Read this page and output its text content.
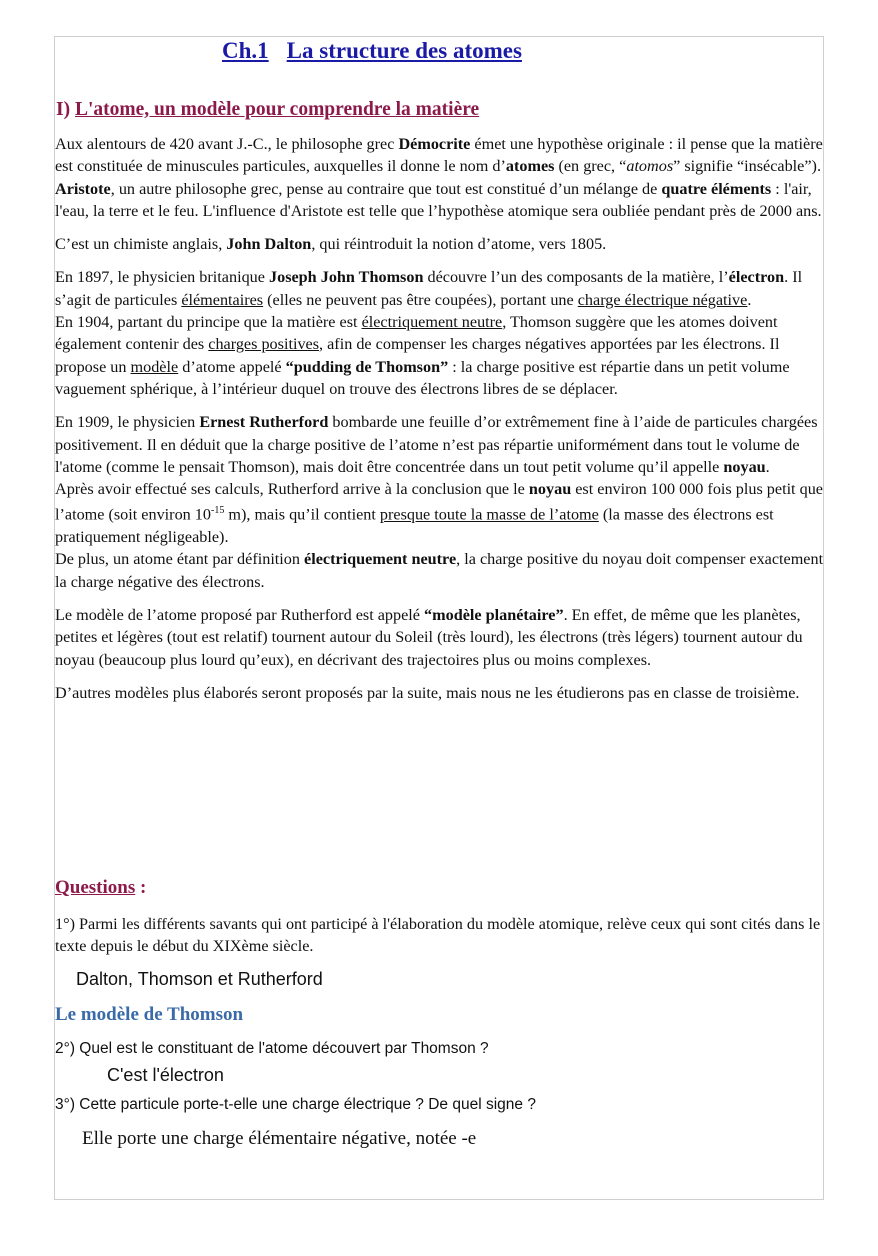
Ch.1 La structure des atomes
I) L'atome, un modèle pour comprendre la matière

Aux alentours de 420 avant J.-C., le philosophe grec Démocrite émet une hypothèse originale : il pense que la matière est constituée de minuscules particules, auxquelles il donne le nom d’atomes (en grec, “atomos” signifie “insécable”). Aristote, un autre philosophe grec, pense au contraire que tout est constitué d’un mélange de quatre éléments : l'air, l'eau, la terre et le feu. L'influence d'Aristote est telle que l’hypothèse atomique sera oubliée pendant près de 2000 ans.

C’est un chimiste anglais, John Dalton, qui réintroduit la notion d’atome, vers 1805.

En 1897, le physicien britanique Joseph John Thomson découvre l’un des composants de la matière, l’électron. Il s’agit de particules élémentaires (elles ne peuvent pas être coupées), portant une charge électrique négative.

En 1904, partant du principe que la matière est électriquement neutre, Thomson suggère que les atomes doivent également contenir des charges positives, afin de compenser les charges négatives apportées par les électrons. Il propose un modèle d’atome appelé “pudding de Thomson” : la charge positive est répartie dans un petit volume vaguement sphérique, à l’intérieur duquel on trouve des électrons libres de se déplacer.

En 1909, le physicien Ernest Rutherford bombarde une feuille d’or extrêmement fine à l’aide de particules chargées positivement. Il en déduit que la charge positive de l’atome n’est pas répartie uniformément dans tout le volume de l'atome (comme le pensait Thomson), mais doit être concentrée dans un tout petit volume qu’il appelle noyau.

Après avoir effectué ses calculs, Rutherford arrive à la conclusion que le noyau est environ 100 000 fois plus petit que l’atome (soit environ $10^{-15}$ m), mais qu’il contient presque toute la masse de l’atome (la masse des électrons est pratiquement négligeable).

De plus, un atome étant par définition électriquement neutre, la charge positive du noyau doit compenser exactement la charge négative des électrons.

Le modèle de l’atome proposé par Rutherford est appelé “modèle planétaire”. En effet, de même que les planètes, petites et légères (tout est relatif) tournent autour du Soleil (très lourd), les électrons (très légers) tournent autour du noyau (beaucoup plus lourd qu’eux), en décrivant des trajectoires plus ou moins complexes.

D’autres modèles plus élaborés seront proposés par la suite, mais nous ne les étudierons pas en classe de troisième.

Questions :
1°) Parmi les différents savants qui ont participé à l'élaboration du modèle atomique, relève ceux qui sont cités dans le texte depuis le début du XIXème siècle.
Dalton, Thomson et Rutherford
Le modèle de Thomson
2°) Quel est le constituant de l'atome découvert par Thomson ?
C'est l'électron
3°) Cette particule porte-t-elle une charge électrique ? De quel signe ?
Elle porte une charge élémentaire négative, notée -e
